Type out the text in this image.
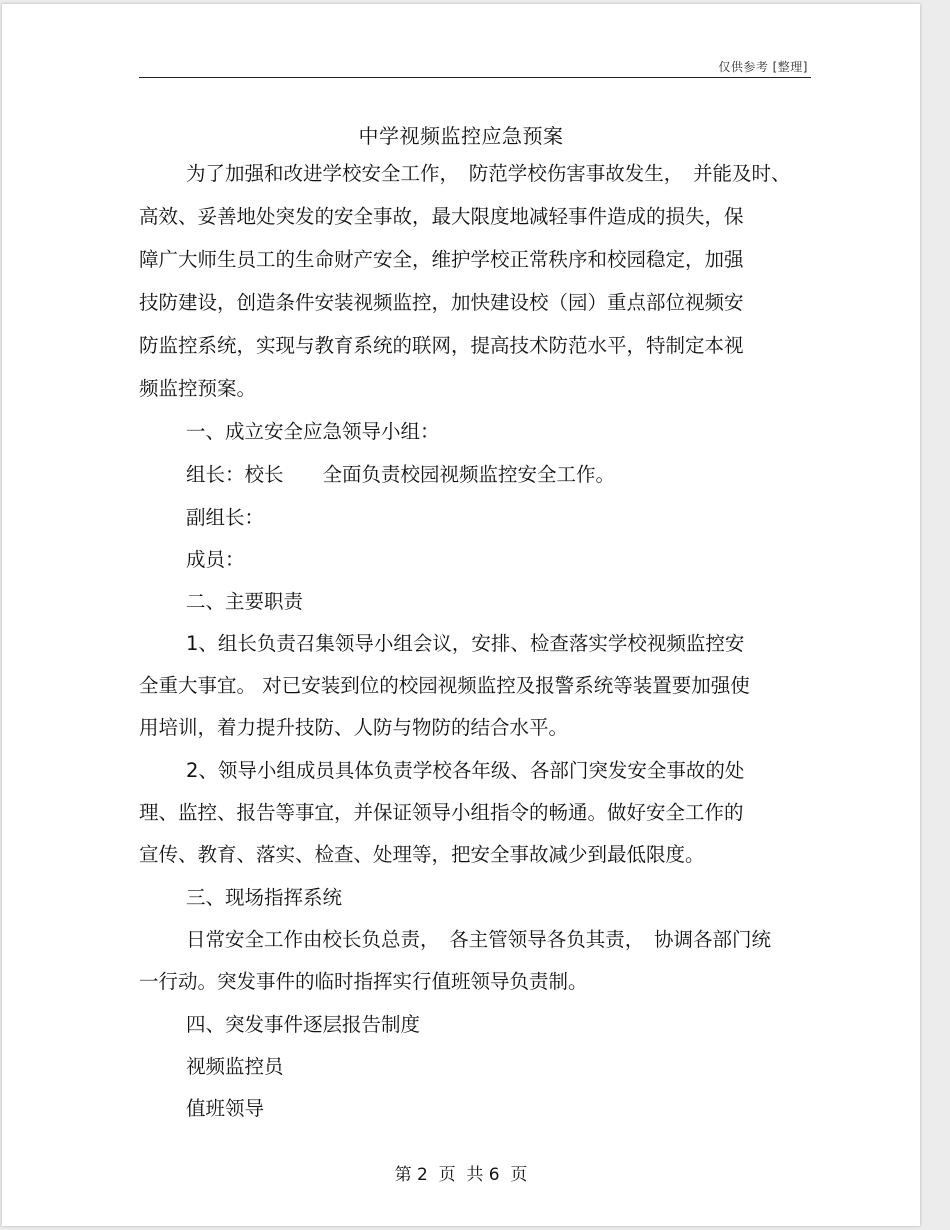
仅供参考 [整理]
中学视频监控应急预案
为了加强和改进学校安全工作，　防范学校伤害事故发生，　并能及时、
高效、妥善地处突发的安全事故，最大限度地减轻事件造成的损失，保
障广大师生员工的生命财产安全，维护学校正常秩序和校园稳定，加强
技防建设，创造条件安装视频监控，加快建设校（园）重点部位视频安
防监控系统，实现与教育系统的联网，提高技术防范水平，特制定本视
频监控预案。
一、成立安全应急领导小组：
组长：校长　　全面负责校园视频监控安全工作。
副组长：
成员：
二、主要职责
1、组长负责召集领导小组会议，安排、检查落实学校视频监控安
全重大事宜。 对已安装到位的校园视频监控及报警系统等装置要加强使
用培训，着力提升技防、人防与物防的结合水平。
2、领导小组成员具体负责学校各年级、各部门突发安全事故的处
理、监控、报告等事宜，并保证领导小组指令的畅通。做好安全工作的
宣传、教育、落实、检查、处理等，把安全事故减少到最低限度。
三、现场指挥系统
日常安全工作由校长负总责，　各主管领导各负其责，　协调各部门统
一行动。突发事件的临时指挥实行值班领导负责制。
四、突发事件逐层报告制度
视频监控员
值班领导
第 2  页  共 6  页
